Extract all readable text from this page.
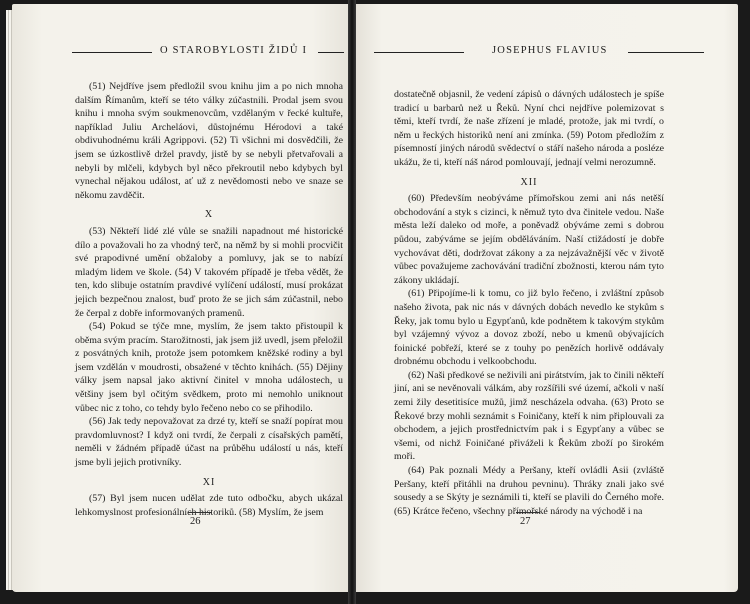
O STAROBYLOSTI ŽIDŮ I

(51) Nejdříve jsem předložil svou knihu jim a po nich mnoha dalším Římanům, kteří se této války zúčastnili. Prodal jsem svou knihu i mnoha svým soukmenovcům, vzdělaným v řecké kultuře, například Juliu Archeláovi, důstojnému Hérodovi a také obdivuhodnému králi Agrippovi. (52) Ti všichni mi dosvědčili, že jsem se úzkostlivě držel pravdy, jistě by se nebyli přetvařovali a nebyli by mlčeli, kdybych byl něco překroutil nebo kdybych byl vynechal nějakou událost, ať už z nevědomosti nebo ve snaze se někomu zavděčit.

X

(53) Někteří lidé zlé vůle se snažili napadnout mé historické dílo a považovali ho za vhodný terč, na němž by si mohli procvičit své prapodivné umění obžaloby a pomluvy, jak se to nabízí mladým lidem ve škole. (54) V takovém případě je třeba vědět, že ten, kdo slibuje ostatním pravdivé vylíčení událostí, musí prokázat jejich bezpečnou znalost, buď proto že se jich sám zúčastnil, nebo že čerpal z dobře informovaných pramenů.

(54) Pokud se týče mne, myslím, že jsem takto přistoupil k oběma svým pracím. Starožitnosti, jak jsem již uvedl, jsem přeložil z posvátných knih, protože jsem potomkem kněžské rodiny a byl jsem vzdělán v moudrosti, obsažené v těchto knihách. (55) Dějiny války jsem napsal jako aktivní činitel v mnoha událostech, u většiny jsem byl očitým svědkem, proto mi nemohlo uniknout vůbec nic z toho, co tehdy bylo řečeno nebo co se přihodilo.

(56) Jak tedy nepovažovat za drzé ty, kteří se snaží popírat mou pravdomluvnost? I když oni tvrdí, že čerpali z císařských pamětí, neměli v žádném případě účast na průběhu událostí u nás, kteří jsme byli jejich protivníky.

XI

(57) Byl jsem nucen udělat zde tuto odbočku, abych ukázal lehkomyslnost profesionálních historiků. (58) Myslím, že jsem

26
JOSEPHUS FLAVIUS

dostatečně objasnil, že vedení zápisů o dávných událostech je spíše tradicí u barbarů než u Řeků. Nyní chci nejdříve polemizovat s těmi, kteří tvrdí, že naše zřízení je mladé, protože, jak mi tvrdí, o něm u řeckých historiků není ani zmínka. (59) Potom předložím z písemností jiných národů svědectví o stáří našeho národa a posléze ukážu, že ti, kteří náš národ pomlouvají, jednají velmi nerozumně.

XII

(60) Především neobýváme přímořskou zemi ani nás netěší obchodování a styk s cizinci, k němuž tyto dva činitele vedou. Naše města leží daleko od moře, a poněvadž obýváme zemi s dobrou půdou, zabýváme se jejím obděláváním. Naší ctižádostí je dobře vychovávat děti, dodržovat zákony a za nejzávažnější věc v životě vůbec považujeme zachovávání tradiční zbožnosti, kterou nám tyto zákony ukládají.

(61) Připojíme-li k tomu, co již bylo řečeno, i zvláštní způsob našeho života, pak nic nás v dávných dobách nevedlo ke stykům s Řeky, jak tomu bylo u Egypťanů, kde podnětem k takovým stykům byl vzájemný vývoz a dovoz zboží, nebo u kmenů obývajících foinické pobřeží, které se z touhy po penězích horlivě oddávaly drobnému obchodu i velkoobchodu.

(62) Naši předkové se neživili ani pirátstvím, jak to činili někteří jiní, ani se nevěnovali válkám, aby rozšířili své území, ačkoli v naší zemi žily desetitisíce mužů, jimž nescházela odvaha. (63) Proto se Řekové brzy mohli seznámit s Foiničany, kteří k nim připlouvali za obchodem, a jejich prostřednictvím pak i s Egypťany a vůbec se všemi, od nichž Foiničané přiváželi k Řekům zboží po širokém moři.

(64) Pak poznali Médy a Peršany, kteří ovládli Asii (zvláště Peršany, kteří přitáhli na druhou pevninu). Thráky znali jako své sousedy a se Skýty je seznámili ti, kteří se plavili do Černého moře. (65) Krátce řečeno, všechny přímořské národy na východě i na

27
